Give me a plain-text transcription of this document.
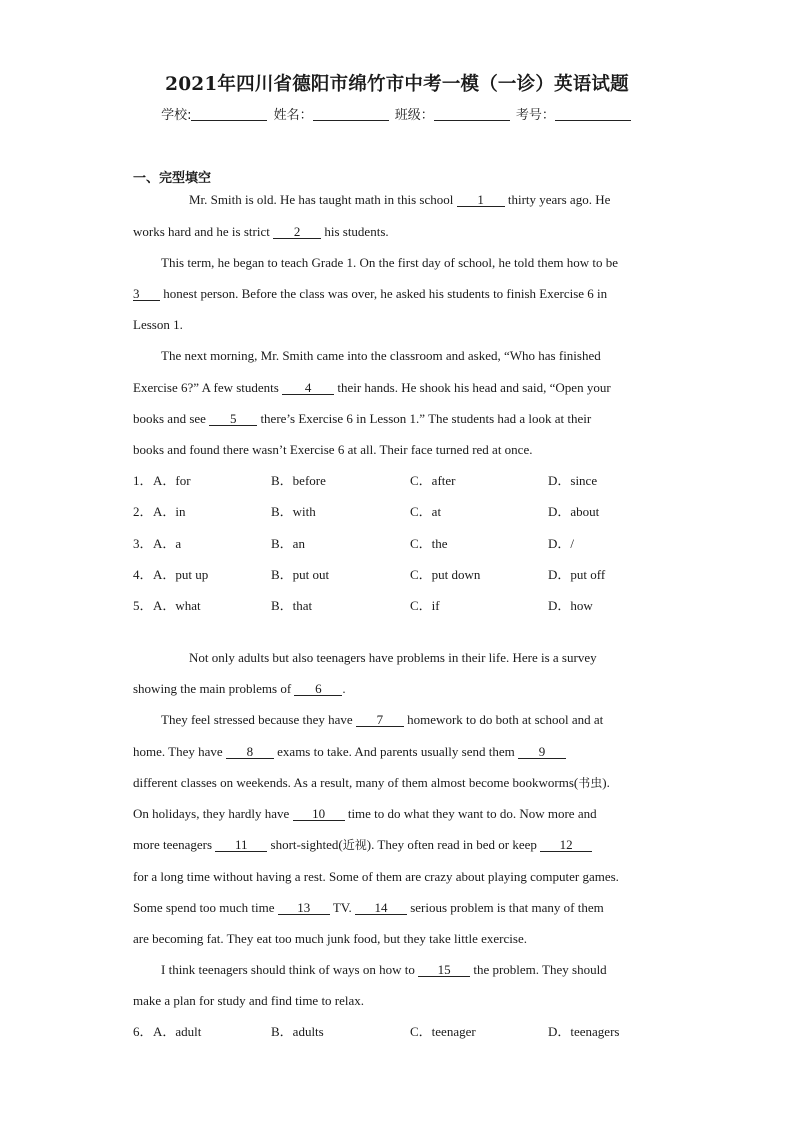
2021年四川省德阳市绵竹市中考一模（一诊）英语试题
学校:	姓名：	班级：	考号：
一、完型填空
Mr. Smith is old. He has taught math in this school 1 thirty years ago. He
works hard and he is strict 2 his students.
This term, he began to teach Grade 1. On the first day of school, he told them how to be
3 honest person. Before the class was over, he asked his students to finish Exercise 6 in
Lesson 1.
The next morning, Mr. Smith came into the classroom and asked, “Who has finished
Exercise 6?” A few students 4 their hands. He shook his head and said, “Open your
books and see 5 there’s Exercise 6 in Lesson 1.” The students had a look at their
books and found there wasn’t Exercise 6 at all. Their face turned red at once.
1． A．for	B．before	C．after	D．since
2． A．in	B．with	C．at	D．about
3． A．a	B．an	C．the	D．/
4． A．put up	B．put out	C．put down	D．put off
5． A．what	B．that	C．if	D．how
Not only adults but also teenagers have problems in their life. Here is a survey
showing the main problems of 6 .
They feel stressed because they have 7 homework to do both at school and at
home. They have 8 exams to take. And parents usually send them 9
different classes on weekends. As a result, many of them almost become bookworms(书虫).
On holidays, they hardly have 10 time to do what they want to do. Now more and
more teenagers 11 short-sighted(近视). They often read in bed or keep 12
for a long time without having a rest. Some of them are crazy about playing computer games.
Some spend too much time 13 TV. 14 serious problem is that many of them
are becoming fat. They eat too much junk food, but they take little exercise.
I think teenagers should think of ways on how to 15 the problem. They should
make a plan for study and find time to relax.
6． A．adult	B．adults	C．teenager	D．teenagers
